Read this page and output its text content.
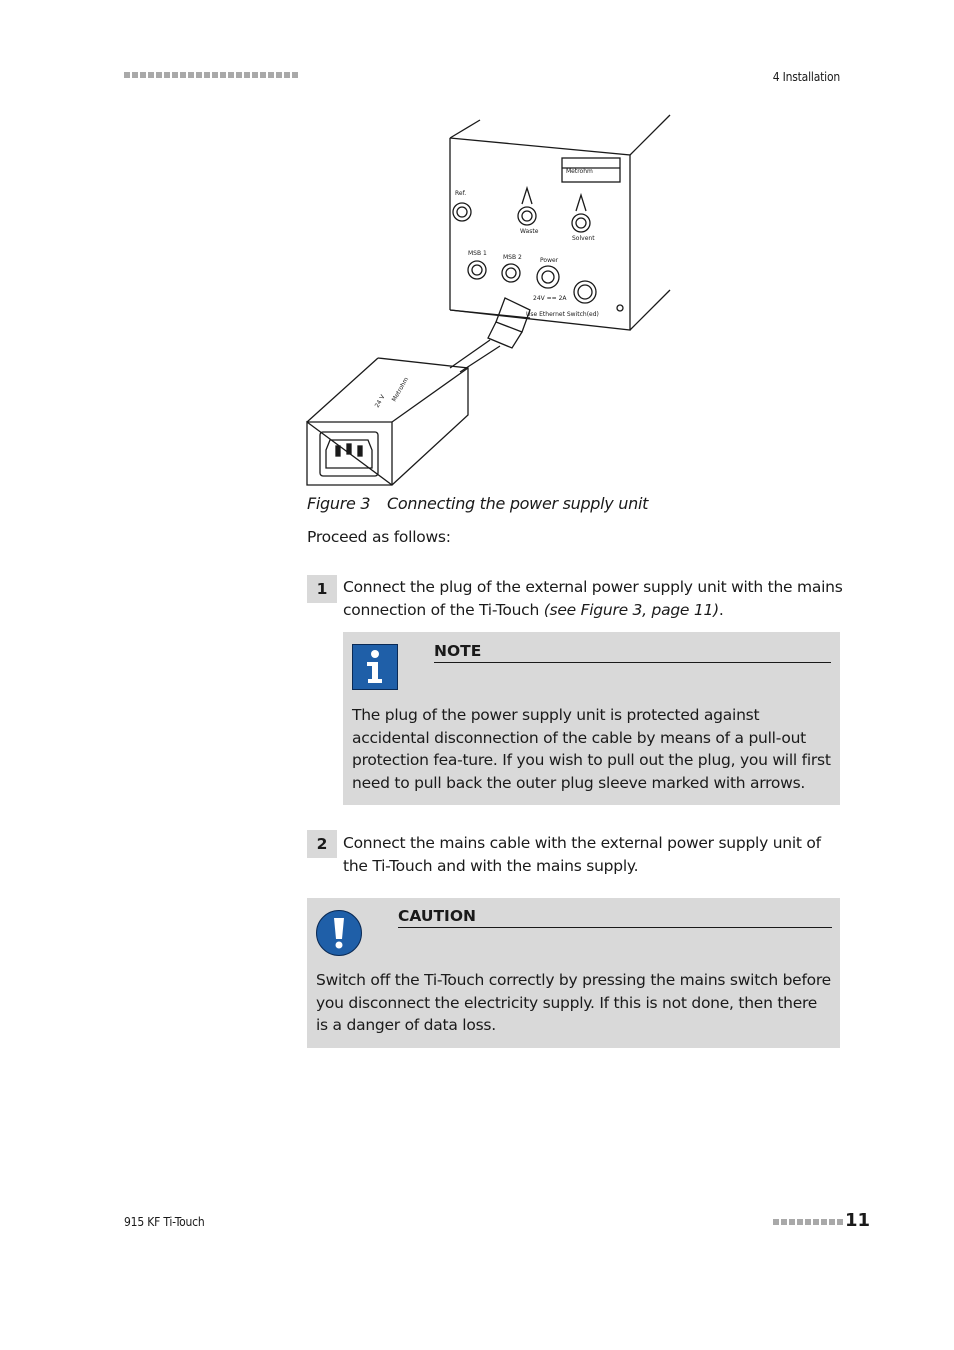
4 Installation
Ref.
Waste
Solvent
MSB 1
MSB 2	Power
24V == 2A
Use Ethernet Switch(ed)
Metrohm
Metrohm
24 V
Figure 3 Connecting the power supply unit
Proceed as follows:
1	Connect the plug of the external power supply unit with the mains connection of the Ti-Touch (see Figure 3, page 11).
NOTE
The plug of the power supply unit is protected against accidental disconnection of the cable by means of a pull-out protection fea-ture. If you wish to pull out the plug, you will first need to pull back the outer plug sleeve marked with arrows.
2	Connect the mains cable with the external power supply unit of the Ti-Touch and with the mains supply.
CAUTION
Switch off the Ti-Touch correctly by pressing the mains switch before you disconnect the electricity supply. If this is not done, then there is a danger of data loss.
915 KF Ti-Touch	11
